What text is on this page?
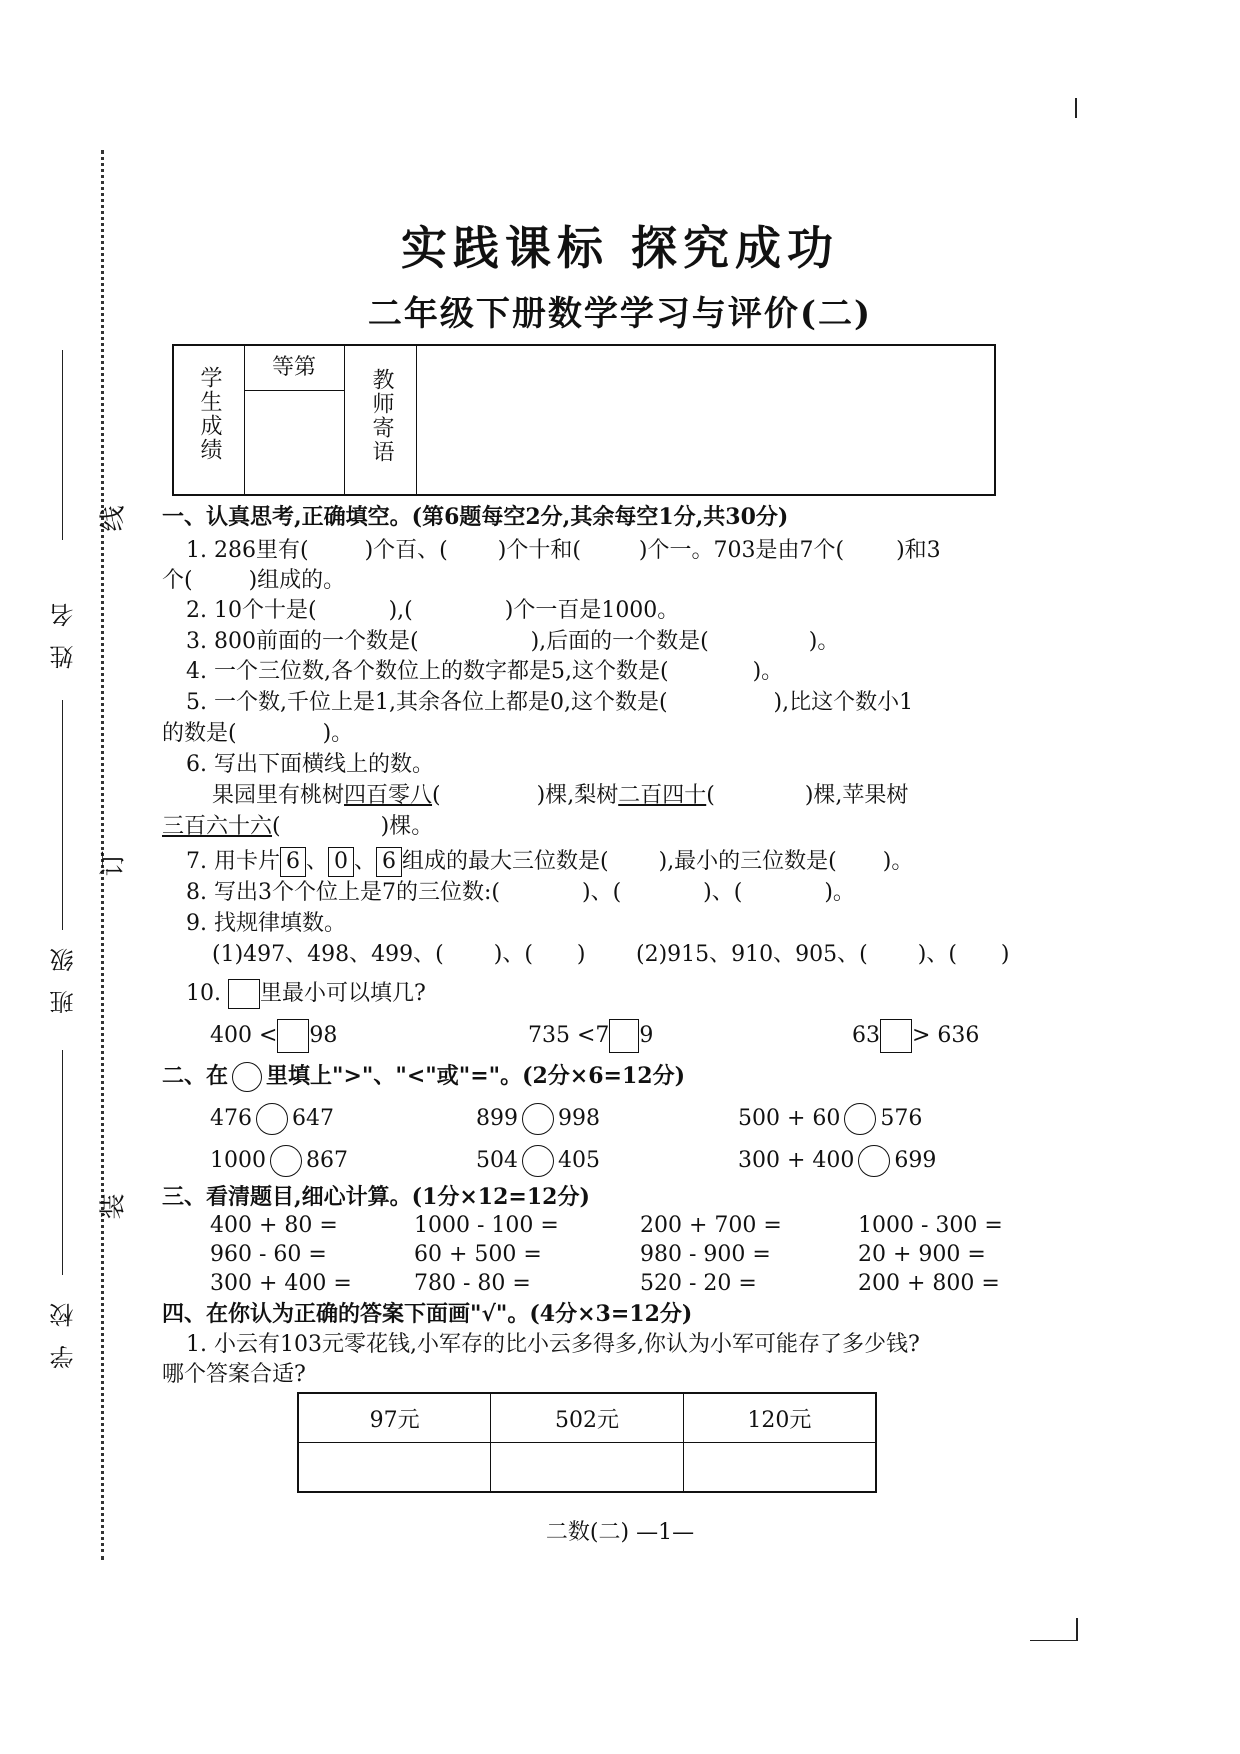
姓名
班级
学校
线
订
装
实践课标 探究成功
二年级下册数学学习与评价(二)
学生成绩	等第
教师寄语
一、认真思考,正确填空。(第6题每空2分,其余每空1分,共30分)
1. 286里有(	)个百、( )个十和(	)个一。703是由7个( )和3
个(	)组成的。
2. 10个十是(	),(	)个一百是1000。
3. 800前面的一个数是(	),后面的一个数是(	)。
4. 一个三位数,各个数位上的数字都是5,这个数是(	)。
5. 一个数,千位上是1,其余各位上都是0,这个数是(	),比这个数小1
的数是(	)。
6. 写出下面横线上的数。
果园里有桃树四百零八(	)棵,梨树二百四十(	)棵,苹果树
三百六十六(	)棵。
7. 用卡片 6 、 0 、 6 组成的最大三位数是( ),最小的三位数是( )。
8. 写出3个个位上是7的三位数:(	)、(	)、(	)。
9. 找规律填数。
(1)497、498、499、( )、( ) (2)915、910、905、( )、( )
10. 里最小可以填几?
400 < 98	735 <7 9	63 > 636
二、在 里填上">"、"<"或"="。(2分×6=12分)
476 647	899 998	500 + 60 576
1000 867	504 405	300 + 400 699
三、看清题目,细心计算。(1分×12=12分)
400 + 80 =	1000 - 100 =	200 + 700 =	1000 - 300 =
960 - 60 =	60 + 500 =	980 - 900 =	20 + 900 =
300 + 400 =	780 - 80 =	520 - 20 =	200 + 800 =
四、在你认为正确的答案下面画"√"。(4分×3=12分)
1. 小云有103元零花钱,小军存的比小云多得多,你认为小军可能存了多少钱?
哪个答案合适?
97元	502元	120元

二数(二) —1—
